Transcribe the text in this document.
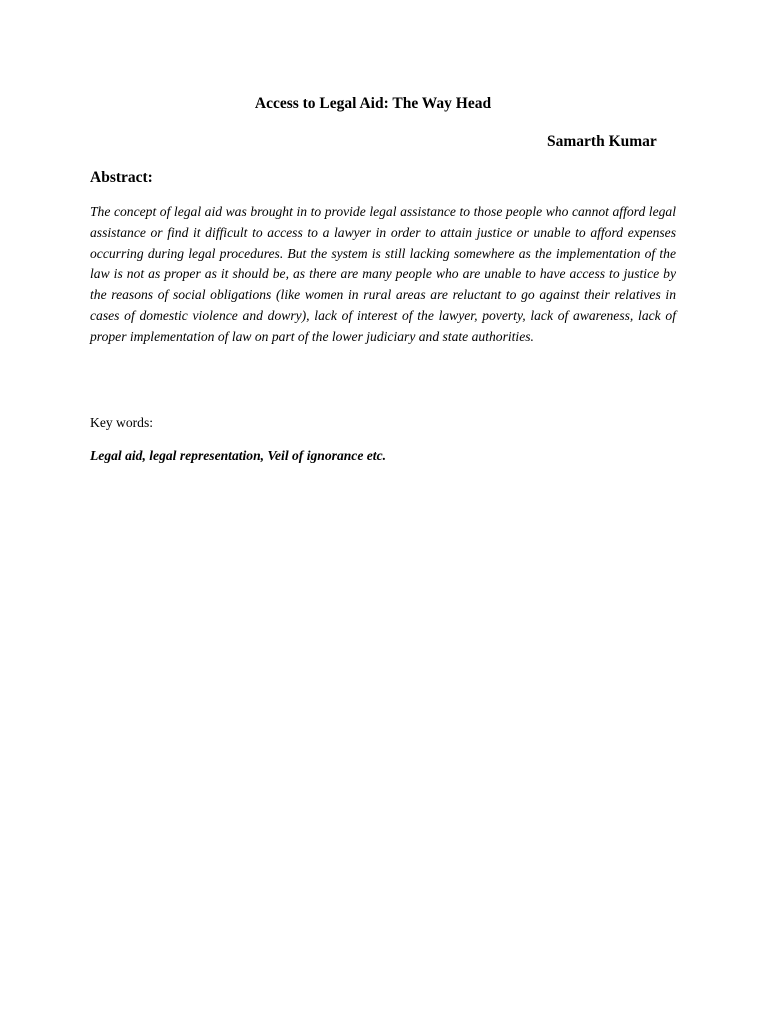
Access to Legal Aid: The Way Head

Samarth Kumar

Abstract:

The concept of legal aid was brought in to provide legal assistance to those people who cannot afford legal assistance or find it difficult to access to a lawyer in order to attain justice or unable to afford expenses occurring during legal procedures. But the system is still lacking somewhere as the implementation of the law is not as proper as it should be, as there are many people who are unable to have access to justice by the reasons of social obligations (like women in rural areas are reluctant to go against their relatives in cases of domestic violence and dowry), lack of interest of the lawyer, poverty, lack of awareness, lack of proper implementation of law on part of the lower judiciary and state authorities.

Key words:

Legal aid, legal representation, Veil of ignorance etc.
